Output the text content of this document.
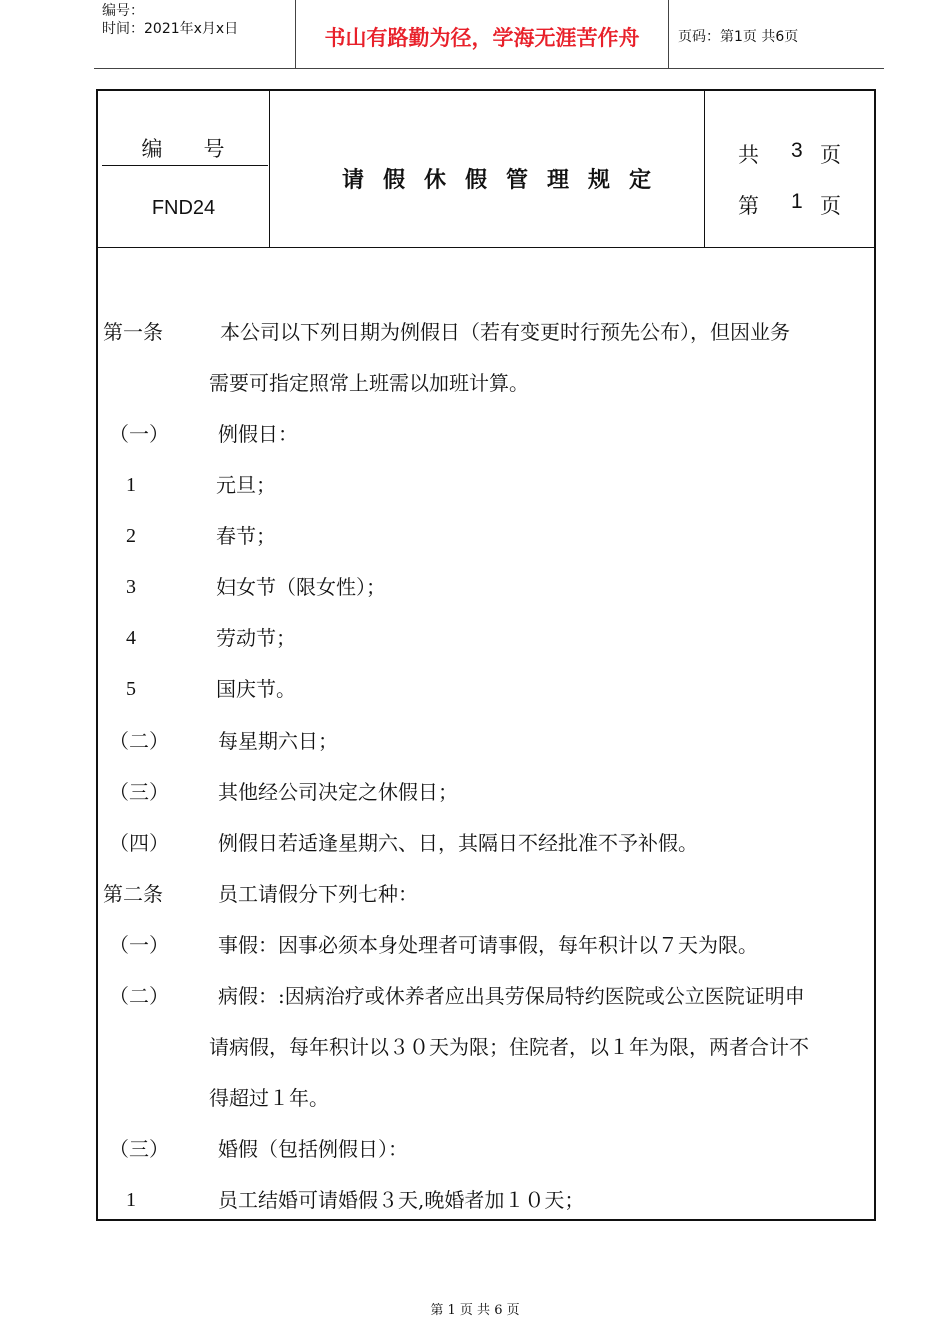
编号：
时间：2021年x月x日	书山有路勤为径，学海无涯苦作舟	页码：第1页 共6页
编 号
FND24
请假休假管理规定
共 3 页
第 1 页
第一条	本公司以下列日期为例假日（若有变更时行预先公布），但因业务
需要可指定照常上班需以加班计算。
（一） 例假日：
1	元旦；
2	春节；
3	妇女节（限女性）；
4	劳动节；
5	国庆节。
（二） 每星期六日；
（三） 其他经公司决定之休假日；
（四） 例假日若适逢星期六、日，其隔日不经批准不予补假。
第二条	员工请假分下列七种：
（一） 事假：因事必须本身处理者可请事假，每年积计以７天为限。
（二） 病假：:因病治疗或休养者应出具劳保局特约医院或公立医院证明申
请病假，每年积计以３０天为限；住院者，以１年为限，两者合计不
得超过１年。
（三） 婚假（包括例假日）：
1	员工结婚可请婚假３天,晚婚者加１０天；
第 1 页 共 6 页
